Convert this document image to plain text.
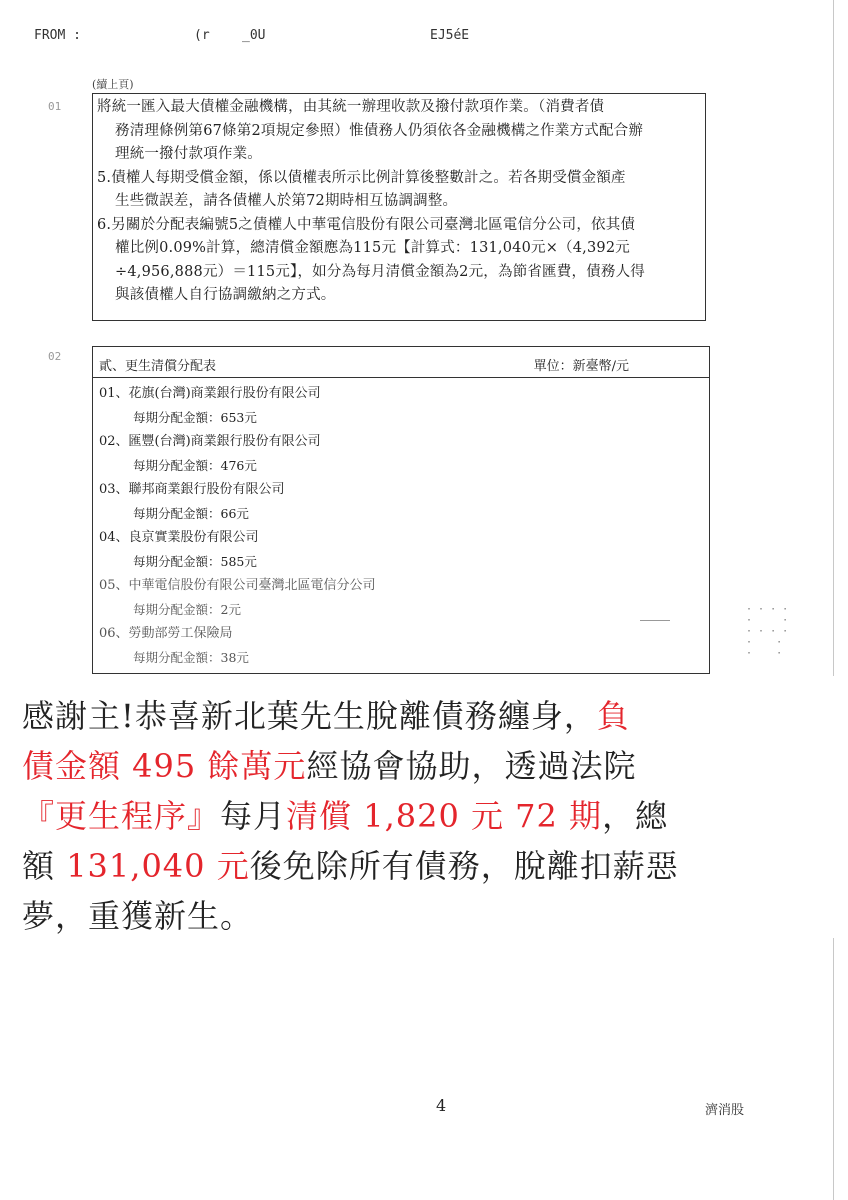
FROM :	(r _0U	EJ5éE
(續上頁)
01
02
將統一匯入最大債權金融機構，由其統一辦理收款及撥付款項作業。（消費者債
務清理條例第67條第2項規定參照）惟債務人仍須依各金融機構之作業方式配合辦
理統一撥付款項作業。
5.債權人每期受償金額，係以債權表所示比例計算後整數計之。若各期受償金額產
生些微誤差，請各債權人於第72期時相互協調調整。
6.另關於分配表編號5之債權人中華電信股份有限公司臺灣北區電信分公司，依其債
權比例0.09%計算，總清償金額應為115元【計算式：131,040元×（4,392元
÷4,956,888元）＝115元】，如分為每月清償金額為2元，為節省匯費，債務人得
與該債權人自行協調繳納之方式。
貳、更生清償分配表	單位：新臺幣/元
01、花旗(台灣)商業銀行股份有限公司
每期分配金額：653元
02、匯豐(台灣)商業銀行股份有限公司
每期分配金額：476元
03、聯邦商業銀行股份有限公司
每期分配金額：66元
04、良京實業股份有限公司
每期分配金額：585元
05、中華電信股份有限公司臺灣北區電信分公司
每期分配金額：2元
06、勞動部勞工保險局
每期分配金額：38元
· · · ·
·     ·
· · · ·
·    ·
·    ·
感謝主!恭喜新北葉先生脫離債務纏身，負
債金額 495 餘萬元經協會協助，透過法院
『更生程序』每月清償 1,820 元 72 期，總
額 131,040 元後免除所有債務，脫離扣薪惡
夢，重獲新生。
4	濟消股
